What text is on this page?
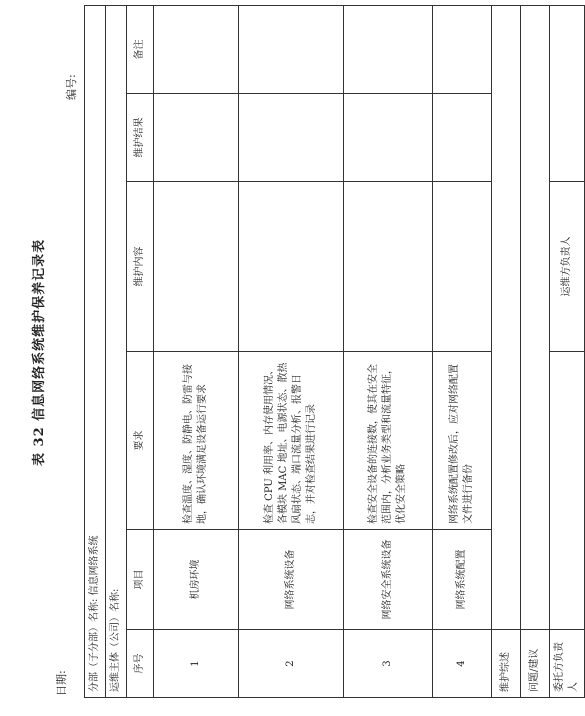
表 32 信息网络系统维护保养记录表
日期:
编号:
分部（子分部）名称: 信息网络系统					
运维主体（公司）名称:					
序号	项目	要求	维护内容	维护结果	备注
1	机房环境	检查温度、湿度、防静电、防雷与接地，确认环境满足设备运行要求			
2	网络系统设备	检查 CPU 利用率、内存使用情况、各模块 MAC 地址、电源状态、散热风扇状态、端口流量分析、报警日志，并对检查结果进行记录			
3	网络安全系统设备	检查安全设备的连接数，使其在安全范围内，分析业务类型和流量特征，优化安全策略			
4	网络系统配置	网络系统配置修改后，应对网络配置文件进行备份			
维护综述					
问题/建议					
委托方负责人			运维方负责人		
